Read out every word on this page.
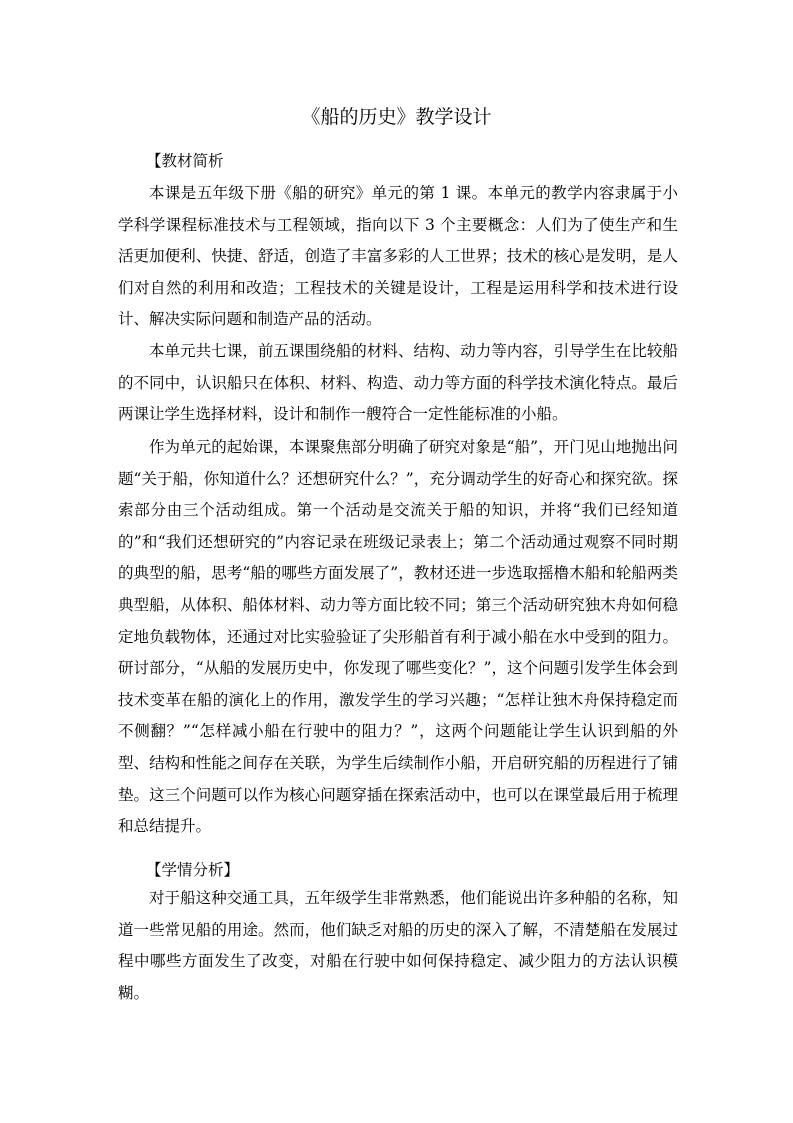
《船的历史》教学设计
【教材简析

本课是五年级下册《船的研究》单元的第 1 课。本单元的教学内容隶属于小学科学课程标准技术与工程领域，指向以下 3 个主要概念：人们为了使生产和生活更加便利、快捷、舒适，创造了丰富多彩的人工世界；技术的核心是发明，是人们对自然的利用和改造；工程技术的关键是设计，工程是运用科学和技术进行设计、解决实际问题和制造产品的活动。

本单元共七课，前五课围绕船的材料、结构、动力等内容，引导学生在比较船的不同中，认识船只在体积、材料、构造、动力等方面的科学技术演化特点。最后两课让学生选择材料，设计和制作一艘符合一定性能标准的小船。

作为单元的起始课，本课聚焦部分明确了研究对象是“船”，开门见山地抛出问题“关于船，你知道什么？还想研究什么？”，充分调动学生的好奇心和探究欲。探索部分由三个活动组成。第一个活动是交流关于船的知识，并将“我们已经知道的”和“我们还想研究的”内容记录在班级记录表上；第二个活动通过观察不同时期的典型的船，思考“船的哪些方面发展了”，教材还进一步选取摇橹木船和轮船两类典型船，从体积、船体材料、动力等方面比较不同；第三个活动研究独木舟如何稳定地负载物体，还通过对比实验验证了尖形船首有利于减小船在水中受到的阻力。研讨部分，“从船的发展历史中，你发现了哪些变化？”，这个问题引发学生体会到技术变革在船的演化上的作用，激发学生的学习兴趣；“怎样让独木舟保持稳定而不侧翻？”“怎样减小船在行驶中的阻力？”，这两个问题能让学生认识到船的外型、结构和性能之间存在关联，为学生后续制作小船，开启研究船的历程进行了铺垫。这三个问题可以作为核心问题穿插在探索活动中，也可以在课堂最后用于梳理和总结提升。

【学情分析】

对于船这种交通工具，五年级学生非常熟悉，他们能说出许多种船的名称，知道一些常见船的用途。然而，他们缺乏对船的历史的深入了解，不清楚船在发展过程中哪些方面发生了改变，对船在行驶中如何保持稳定、减少阻力的方法认识模糊。
